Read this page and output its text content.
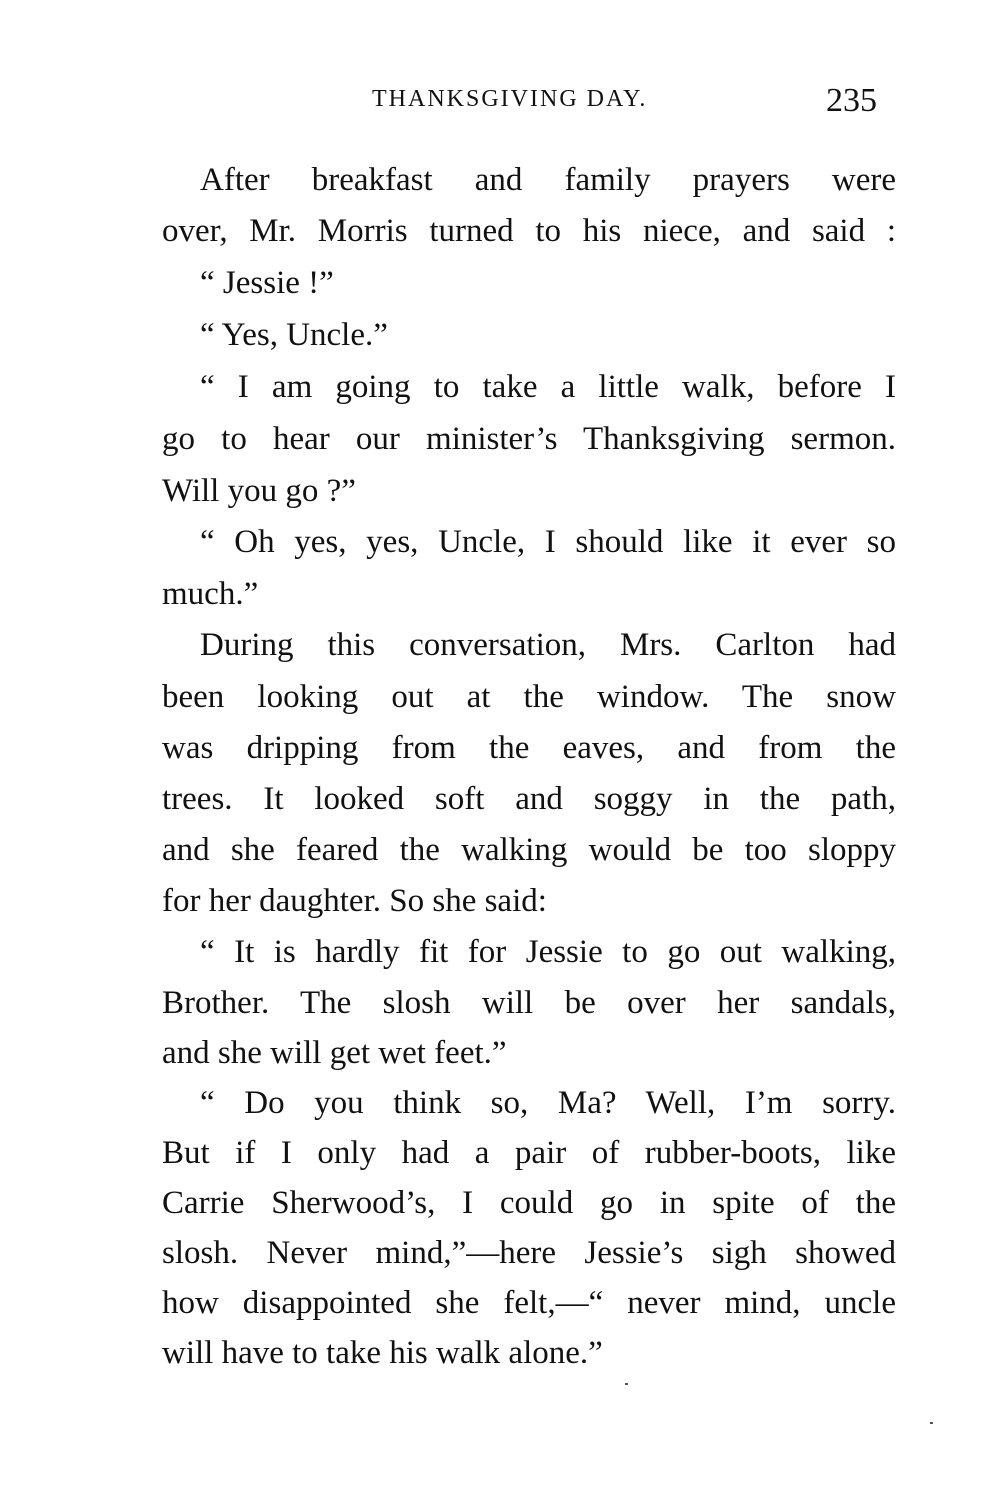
THANKSGIVING DAY.	235
After breakfast and family prayers were
over, Mr. Morris turned to his niece, and said :
“ Jessie !”
“ Yes, Uncle.”
“ I am going to take a little walk, before I
go to hear our minister’s Thanksgiving sermon.
Will you go ?”
“ Oh yes, yes, Uncle, I should like it ever so
much.”
During this conversation, Mrs. Carlton had
been looking out at the window. The snow
was dripping from the eaves, and from the
trees. It looked soft and soggy in the path,
and she feared the walking would be too sloppy
for her daughter. So she said:
“ It is hardly fit for Jessie to go out walking,
Brother. The slosh will be over her sandals,
and she will get wet feet.”
“ Do you think so, Ma? Well, I’m sorry.
But if I only had a pair of rubber-boots, like
Carrie Sherwood’s, I could go in spite of the
slosh. Never mind,”—here Jessie’s sigh showed
how disappointed she felt,—“ never mind, uncle
will have to take his walk alone.”
